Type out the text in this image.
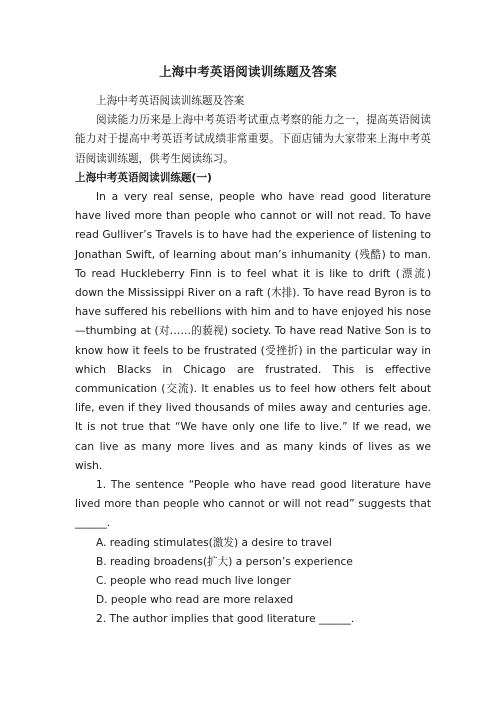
上海中考英语阅读训练题及答案

上海中考英语阅读训练题及答案

阅读能力历来是上海中考英语考试重点考察的能力之一，提高英语阅读能力对于提高中考英语考试成绩非常重要。下面店铺为大家带来上海中考英语阅读训练题，供考生阅读练习。

上海中考英语阅读训练题(一)

In a very real sense, people who have read good literature have lived more than people who cannot or will not read. To have read Gulliver’s Travels is to have had the experience of listening to Jonathan Swift, of learning about man’s inhumanity (残酷) to man. To read Huckleberry Finn is to feel what it is like to drift (漂流) down the Mississippi River on a raft (木排). To have read Byron is to have suffered his rebellions with him and to have enjoyed his nose—thumbing at (对……的藐视) society. To have read Native Son is to know how it feels to be frustrated (受挫折) in the particular way in which Blacks in Chicago are frustrated. This is effective communication (交流). It enables us to feel how others felt about life, even if they lived thousands of miles away and centuries age. It is not true that “We have only one life to live.” If we read, we can live as many more lives and as many kinds of lives as we wish.

1. The sentence “People who have read good literature have lived more than people who cannot or will not read” suggests that ______.

A. reading stimulates(激发) a desire to travel

B. reading broadens(扩大) a person’s experience

C. people who read much live longer

D. people who read are more relaxed

2. The author implies that good literature ______.
